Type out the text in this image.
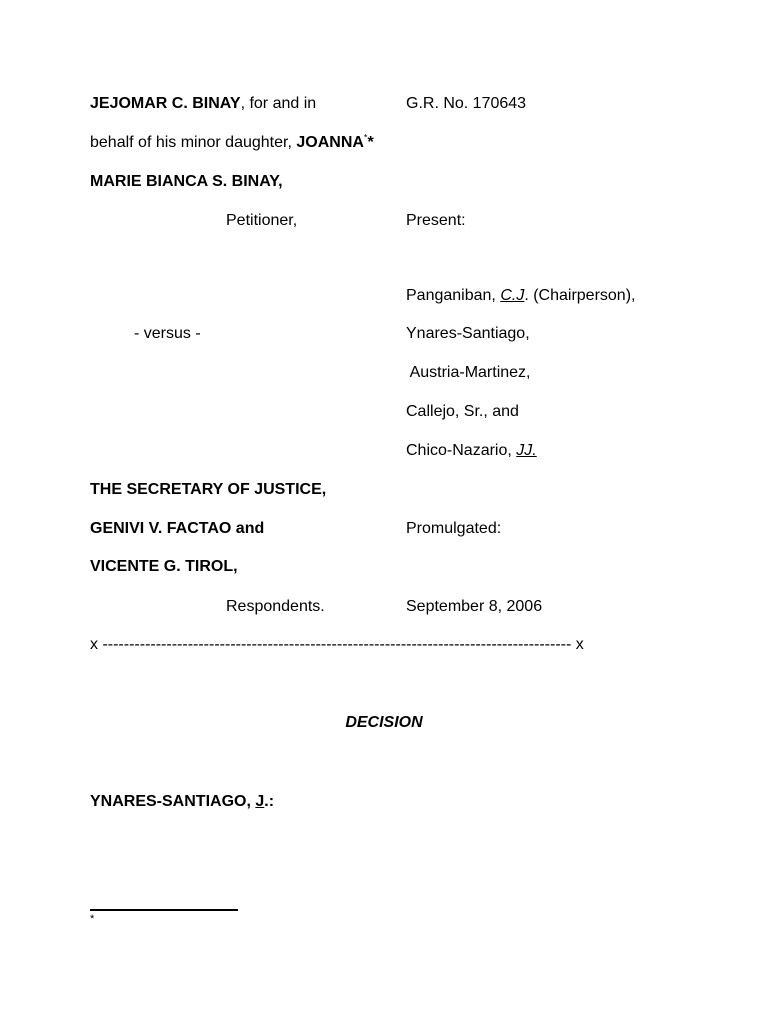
JEJOMAR C. BINAY, for and in
behalf of his minor daughter, JOANNA**
MARIE BIANCA S. BINAY,
Petitioner,
- versus -
THE SECRETARY OF JUSTICE,
GENIVI V. FACTAO and
VICENTE G. TIROL,
Respondents.
G.R. No. 170643
Present:
Panganiban, C.J. (Chairperson),
Ynares-Santiago,
Austria-Martinez,
Callejo, Sr., and
Chico-Nazario, JJ.
Promulgated:
September 8, 2006
x ---------------------------------------------------------------------------------------- x
DECISION
YNARES-SANTIAGO, J.:
*
